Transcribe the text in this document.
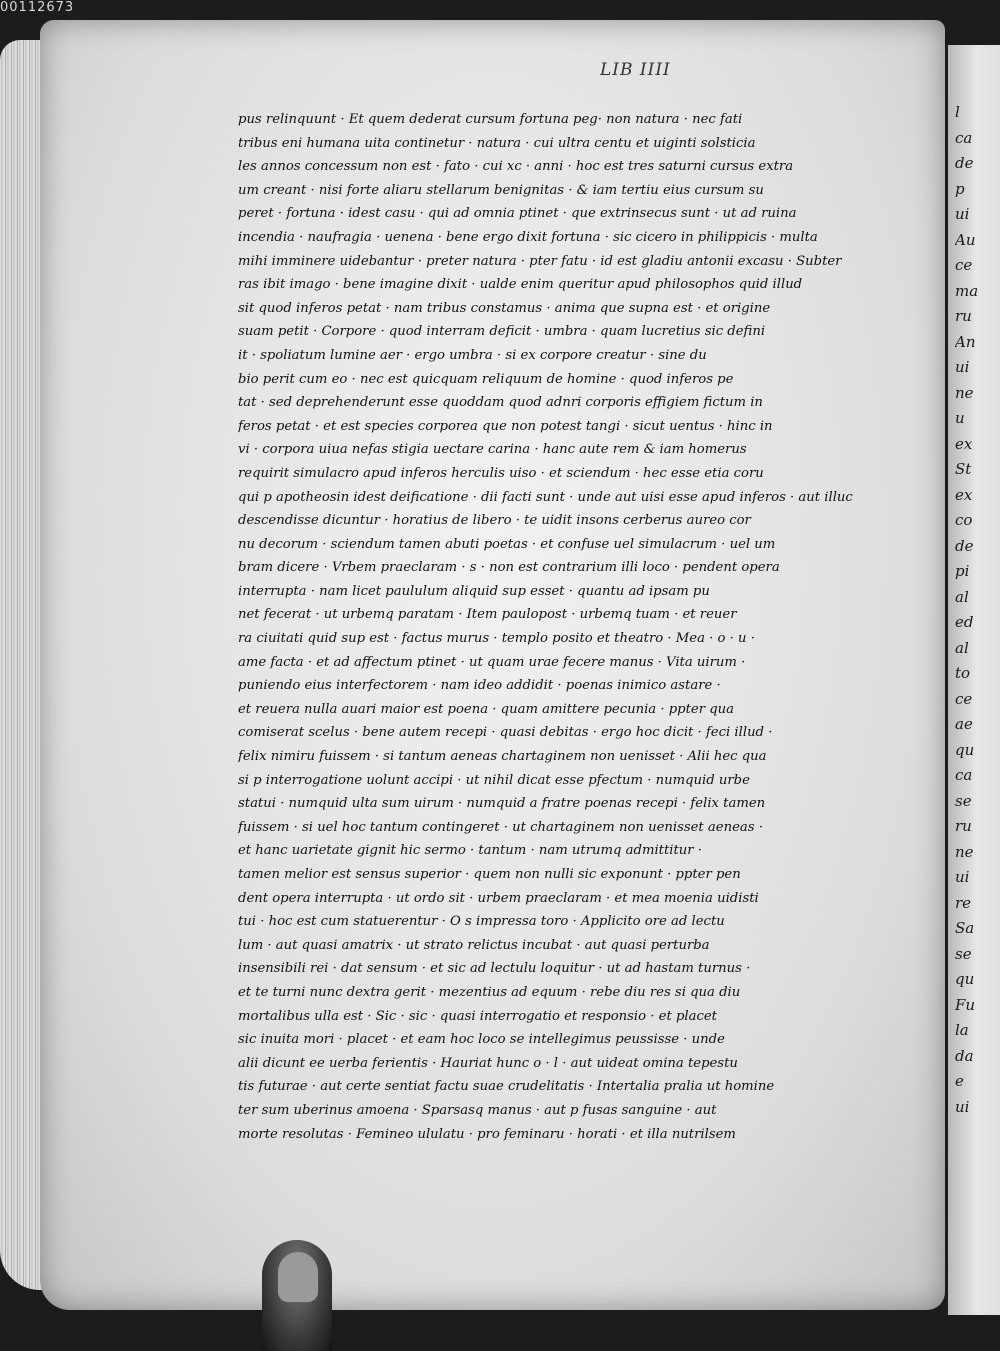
00112673
l
ca
de
p
ui
Au
ce
ma
ru
An
ui
ne
u
ex
St
ex
co
de
pi
al
ed
al
to
ce
ae
qu
ca
se
ru
ne
ui
re
Sa
se
qu
Fu
la
da
e
ui
LIB IIII
pus relinquunt · Et quem dederat cursum fortuna peg· non natura · nec fati
tribus eni humana uita continetur · natura · cui ultra centu et uiginti solsticia
les annos concessum non est · fato · cui xc · anni · hoc est tres saturni cursus extra
um creant · nisi forte aliaru stellarum benignitas · & iam tertiu eius cursum su
peret · fortuna · idest casu · qui ad omnia ptinet · que extrinsecus sunt · ut ad ruina
incendia · naufragia · uenena · bene ergo dixit fortuna · sic cicero in philippicis · multa
mihi imminere uidebantur · preter natura · pter fatu · id est gladiu antonii excasu · Subter
ras ibit imago · bene imagine dixit · ualde enim queritur apud philosophos quid illud
sit quod inferos petat · nam tribus constamus · anima que supna est · et origine
suam petit · Corpore · quod interram deficit · umbra · quam lucretius sic defini
it · spoliatum lumine aer · ergo umbra · si ex corpore creatur · sine du
bio perit cum eo · nec est quicquam reliquum de homine · quod inferos pe
tat · sed deprehenderunt esse quoddam quod adnri corporis effigiem fictum in
feros petat · et est species corporea que non potest tangi · sicut uentus · hinc in
vi · corpora uiua nefas stigia uectare carina · hanc aute rem & iam homerus
requirit simulacro apud inferos herculis uiso · et sciendum · hec esse etia coru
qui p apotheosin idest deificatione · dii facti sunt · unde aut uisi esse apud inferos · aut illuc
descendisse dicuntur · horatius de libero · te uidit insons cerberus aureo cor
nu decorum · sciendum tamen abuti poetas · et confuse uel simulacrum · uel um
bram dicere · Vrbem praeclaram · s · non est contrarium illi loco · pendent opera
interrupta · nam licet paululum aliquid sup esset · quantu ad ipsam pu
net fecerat · ut urbemq paratam · Item paulopost · urbemq tuam · et reuer
ra ciuitati quid sup est · factus murus · templo posito et theatro · Mea · o · u ·
ame facta · et ad affectum ptinet · ut quam urae fecere manus · Vita uirum ·
puniendo eius interfectorem · nam ideo addidit · poenas inimico astare ·
et reuera nulla auari maior est poena · quam amittere pecunia · ppter qua
comiserat scelus · bene autem recepi · quasi debitas · ergo hoc dicit · feci illud ·
felix nimiru fuissem · si tantum aeneas chartaginem non uenisset · Alii hec qua
si p interrogatione uolunt accipi · ut nihil dicat esse pfectum · numquid urbe
statui · numquid ulta sum uirum · numquid a fratre poenas recepi · felix tamen
fuissem · si uel hoc tantum contingeret · ut chartaginem non uenisset aeneas ·
et hanc uarietate gignit hic sermo · tantum · nam utrumq admittitur ·
tamen melior est sensus superior · quem non nulli sic exponunt · ppter pen
dent opera interrupta · ut ordo sit · urbem praeclaram · et mea moenia uidisti
tui · hoc est cum statuerentur · O s impressa toro · Applicito ore ad lectu
lum · aut quasi amatrix · ut strato relictus incubat · aut quasi perturba
insensibili rei · dat sensum · et sic ad lectulu loquitur · ut ad hastam turnus ·
et te turni nunc dextra gerit · mezentius ad equum · rebe diu res si qua diu
mortalibus ulla est · Sic · sic · quasi interrogatio et responsio · et placet
sic inuita mori · placet · et eam hoc loco se intellegimus peussisse · unde
alii dicunt ee uerba ferientis · Hauriat hunc o · l · aut uideat omina tepestu
tis futurae · aut certe sentiat factu suae crudelitatis · Intertalia pralia ut homine
ter sum uberinus amoena · Sparsasq manus · aut p fusas sanguine · aut
morte resolutas · Femineo ululatu · pro feminaru · horati · et illa nutrilsem
